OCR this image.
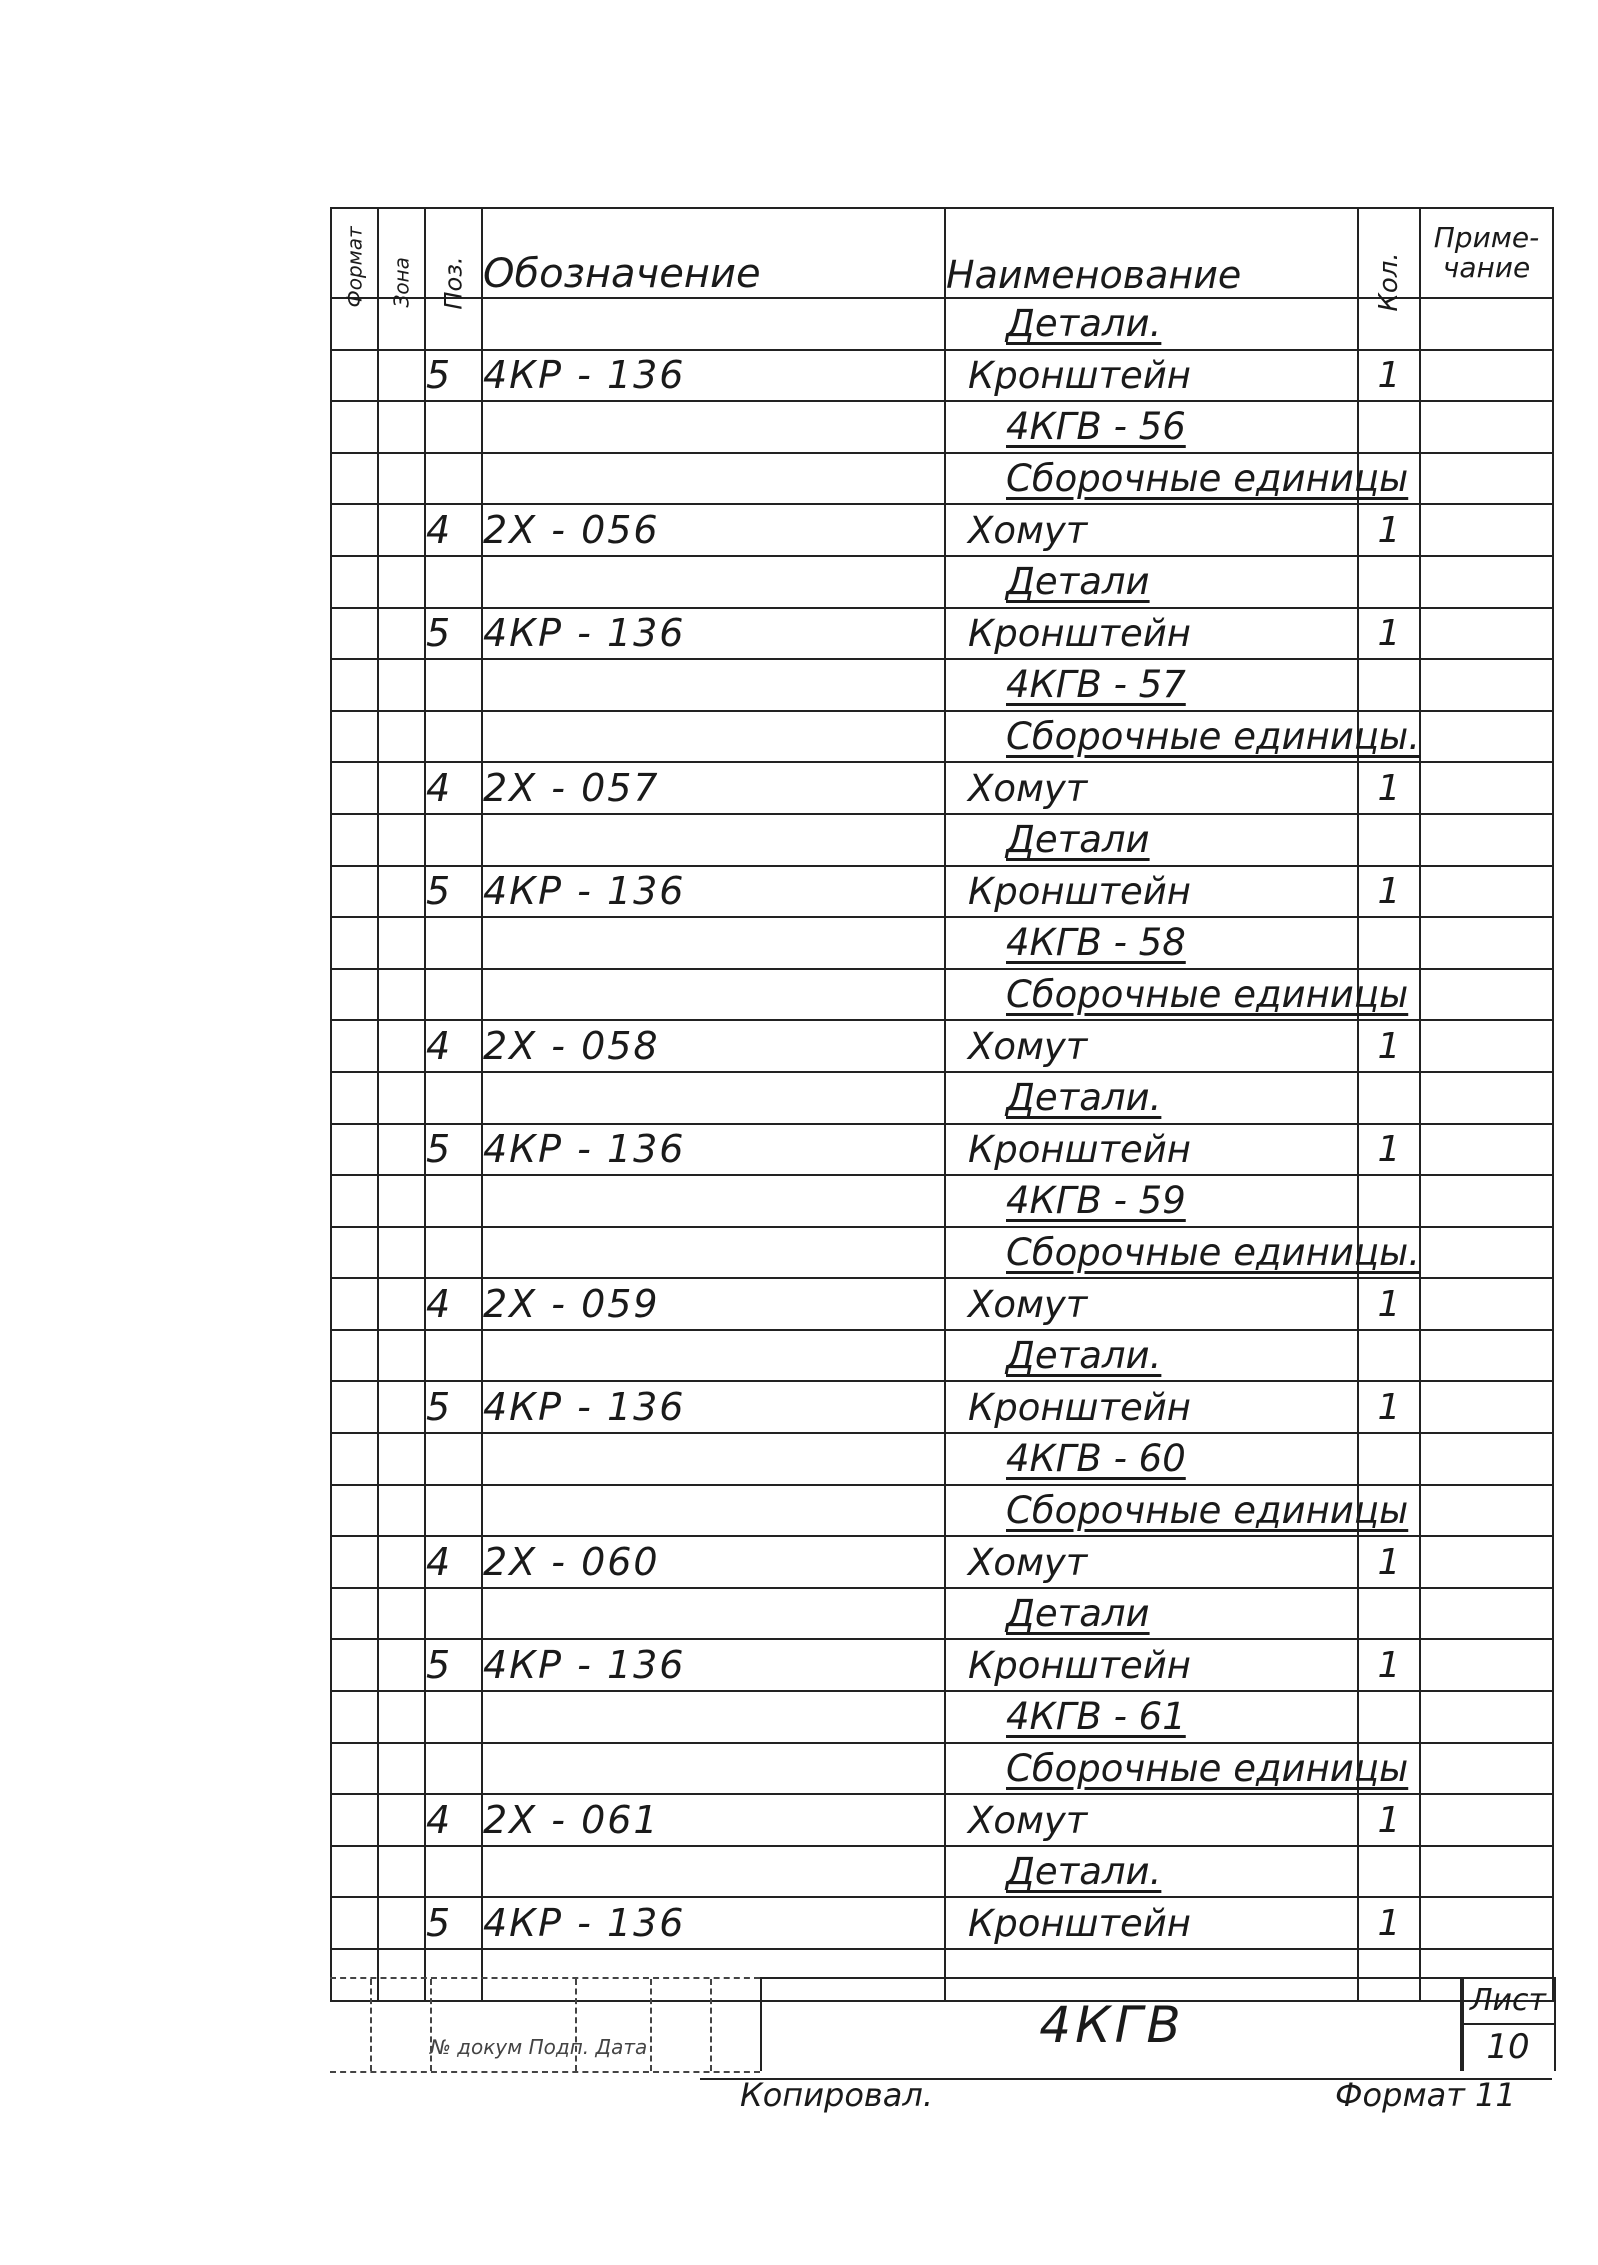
Формат	Зона	Поз.	Обозначение	Наименование	Кол.	Приме-
чание
				Детали.		
		5	4КР - 136	Кронштейн	1	
				4КГВ - 56		
				Сборочные единицы		
		4	2Х - 056	Хомут	1	
				Детали		
		5	4КР - 136	Кронштейн	1	
				4КГВ - 57		
				Сборочные единицы.		
		4	2Х - 057	Хомут	1	
				Детали		
		5	4КР - 136	Кронштейн	1	
				4КГВ - 58		
				Сборочные единицы		
		4	2Х - 058	Хомут	1	
				Детали.		
		5	4КР - 136	Кронштейн	1	
				4КГВ - 59		
				Сборочные единицы.		
		4	2Х - 059	Хомут	1	
				Детали.		
		5	4КР - 136	Кронштейн	1	
				4КГВ - 60		
				Сборочные единицы		
		4	2Х - 060	Хомут	1	
				Детали		
		5	4КР - 136	Кронштейн	1	
				4КГВ - 61		
				Сборочные единицы		
		4	2Х - 061	Хомут	1	
				Детали.		
		5	4КР - 136	Кронштейн	1	

№ докум Подп. Дата	4КГВ	Лист
10
Копировал.	Формат 11
